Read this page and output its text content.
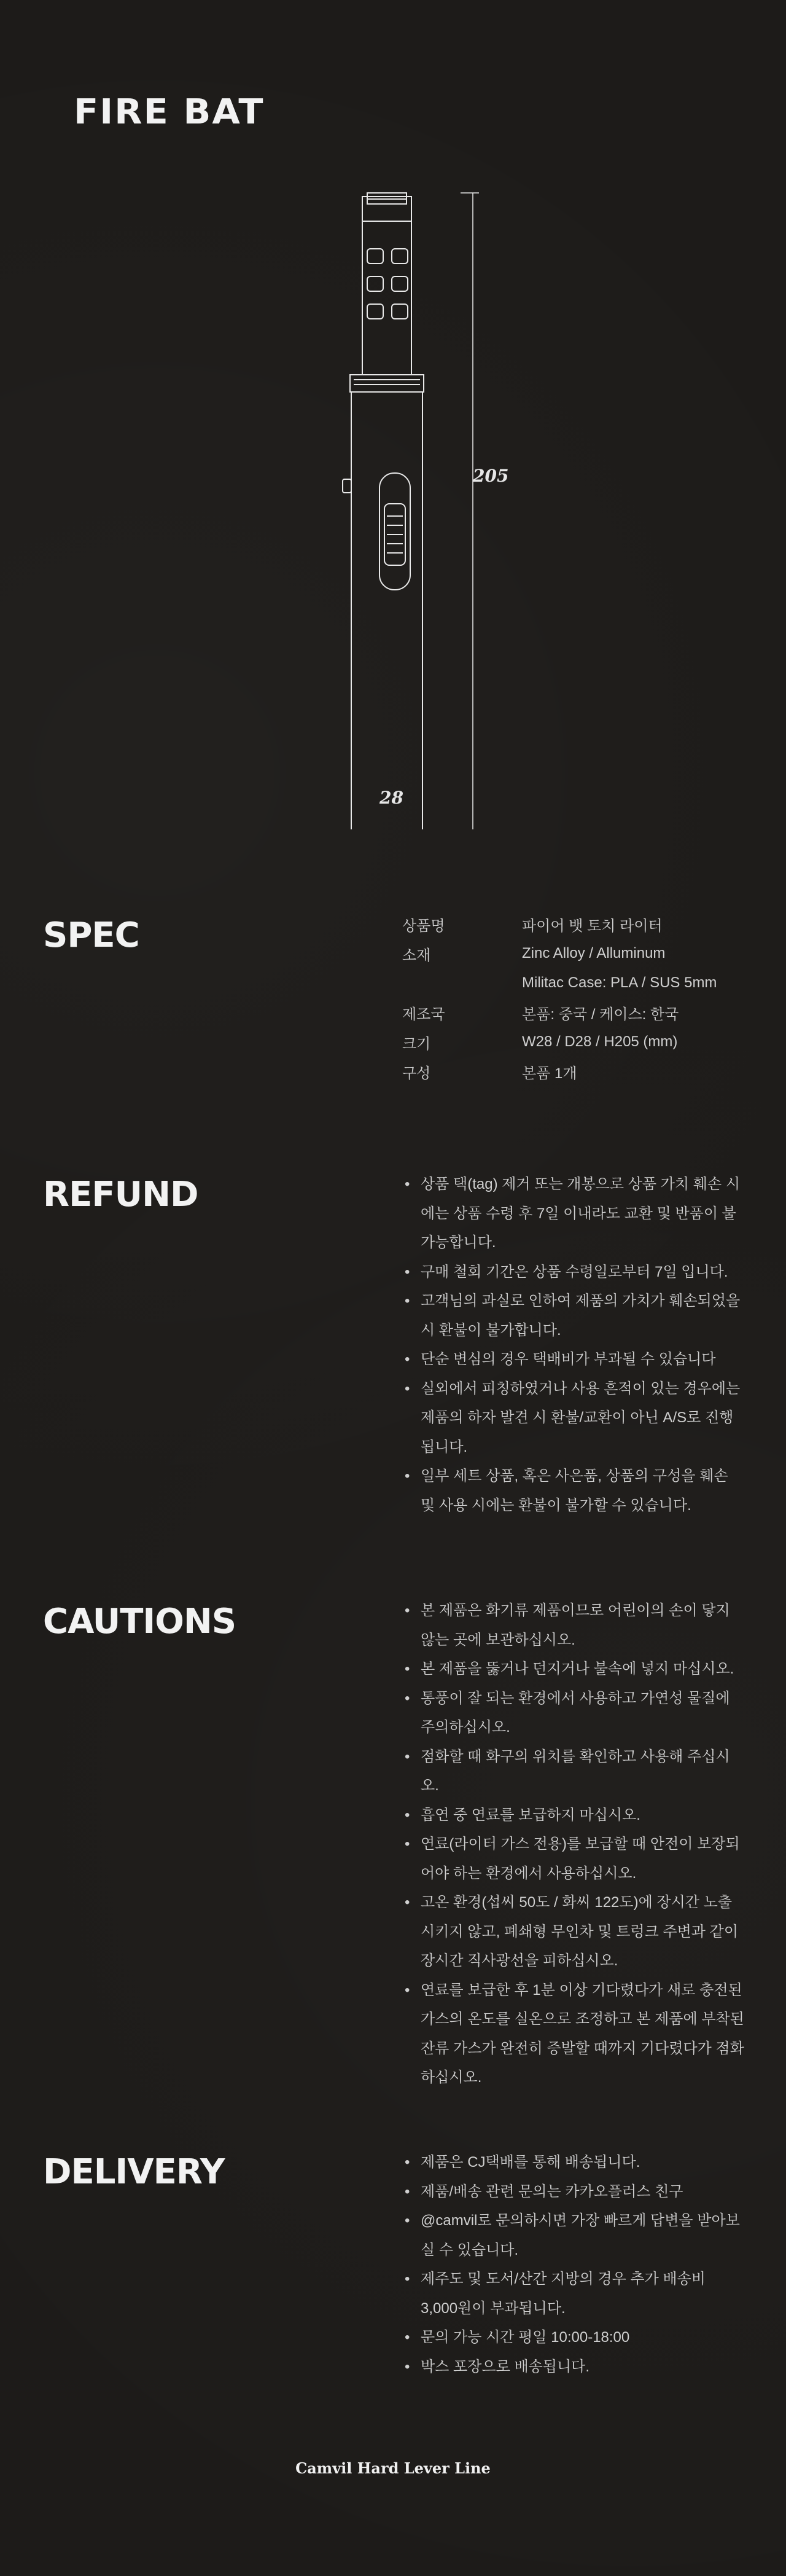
FIRE BAT
205
28
SPEC	상품명	파이어 뱃 토치 라이터
소재	Zinc Alloy / Alluminum
Militac Case: PLA / SUS 5mm
제조국	본품: 중국 / 케이스: 한국
크기	W28 / D28 / H205 (mm)
구성	본품 1개
REFUND	• 상품 택(tag) 제거 또는 개봉으로 상품 가치 훼손 시에는 상품 수령 후 7일 이내라도 교환 및 반품이 불가능합니다.
• 구매 철회 기간은 상품 수령일로부터 7일 입니다.
• 고객님의 과실로 인하여 제품의 가치가 훼손되었을 시 환불이 불가합니다.
• 단순 변심의 경우 택배비가 부과될 수 있습니다
• 실외에서 피칭하였거나 사용 흔적이 있는 경우에는 제품의 하자 발견 시 환불/교환이 아닌 A/S로 진행됩니다.
• 일부 세트 상품, 혹은 사은품, 상품의 구성을 훼손 및 사용 시에는 환불이 불가할 수 있습니다.
CAUTIONS	• 본 제품은 화기류 제품이므로 어린이의 손이 닿지 않는 곳에 보관하십시오.
• 본 제품을 뚫거나 던지거나 불속에 넣지 마십시오.
• 통풍이 잘 되는 환경에서 사용하고 가연성 물질에 주의하십시오.
• 점화할 때 화구의 위치를 확인하고 사용해 주십시오.
• 흡연 중 연료를 보급하지 마십시오.
• 연료(라이터 가스 전용)를 보급할 때 안전이 보장되어야 하는 환경에서 사용하십시오.
• 고온 환경(섭씨 50도 / 화씨 122도)에 장시간 노출시키지 않고, 폐쇄형 무인차 및 트렁크 주변과 같이 장시간 직사광선을 피하십시오.
• 연료를 보급한 후 1분 이상 기다렸다가 새로 충전된 가스의 온도를 실온으로 조정하고 본 제품에 부착된 잔류 가스가 완전히 증발할 때까지 기다렸다가 점화하십시오.
DELIVERY	• 제품은 CJ택배를 통해 배송됩니다.
• 제품/배송 관련 문의는 카카오플러스 친구
• @camvil로 문의하시면 가장 빠르게 답변을 받아보실 수 있습니다.
• 제주도 및 도서/산간 지방의 경우 추가 배송비 3,000원이 부과됩니다.
• 문의 가능 시간 평일 10:00-18:00
• 박스 포장으로 배송됩니다.
Camvil Hard Lever Line
